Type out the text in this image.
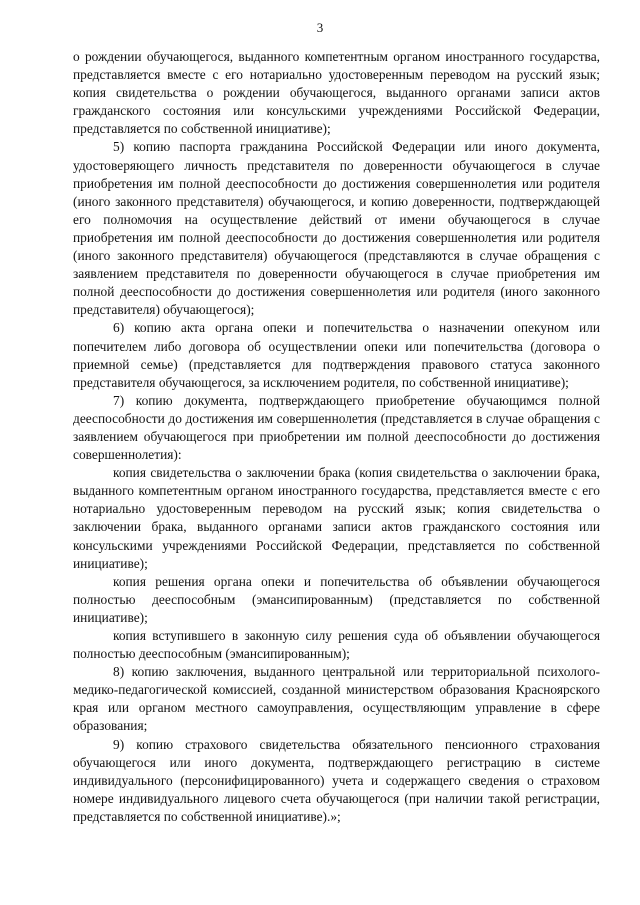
3

о рождении обучающегося, выданного компетентным органом иностранного государства, представляется вместе с его нотариально удостоверенным переводом на русский язык; копия свидетельства о рождении обучающегося, выданного органами записи актов гражданского состояния или консульскими учреждениями Российской Федерации, представляется по собственной инициативе);

5) копию паспорта гражданина Российской Федерации или иного документа, удостоверяющего личность представителя по доверенности обучающегося в случае приобретения им полной дееспособности до достижения совершеннолетия или родителя (иного законного представителя) обучающегося, и копию доверенности, подтверждающей его полномочия на осуществление действий от имени обучающегося в случае приобретения им полной дееспособности до достижения совершеннолетия или родителя (иного законного представителя) обучающегося (представляются в случае обращения с заявлением представителя по доверенности обучающегося в случае приобретения им полной дееспособности до достижения совершеннолетия или родителя (иного законного представителя) обучающегося);

6) копию акта органа опеки и попечительства о назначении опекуном или попечителем либо договора об осуществлении опеки или попечительства (договора о приемной семье) (представляется для подтверждения правового статуса законного представителя обучающегося, за исключением родителя, по собственной инициативе);

7) копию документа, подтверждающего приобретение обучающимся полной дееспособности до достижения им совершеннолетия (представляется в случае обращения с заявлением обучающегося при приобретении им полной дееспособности до достижения совершеннолетия):

копия свидетельства о заключении брака (копия свидетельства о заключении брака, выданного компетентным органом иностранного государства, представляется вместе с его нотариально удостоверенным переводом на русский язык; копия свидетельства о заключении брака, выданного органами записи актов гражданского состояния или консульскими учреждениями Российской Федерации, представляется по собственной инициативе);

копия решения органа опеки и попечительства об объявлении обучающегося полностью дееспособным (эмансипированным) (представляется по собственной инициативе);

копия вступившего в законную силу решения суда об объявлении обучающегося полностью дееспособным (эмансипированным);

8) копию заключения, выданного центральной или территориальной психолого-медико-педагогической комиссией, созданной министерством образования Красноярского края или органом местного самоуправления, осуществляющим управление в сфере образования;

9) копию страхового свидетельства обязательного пенсионного страхования обучающегося или иного документа, подтверждающего регистрацию в системе индивидуального (персонифицированного) учета и содержащего сведения о страховом номере индивидуального лицевого счета обучающегося (при наличии такой регистрации, представляется по собственной инициативе).»;
